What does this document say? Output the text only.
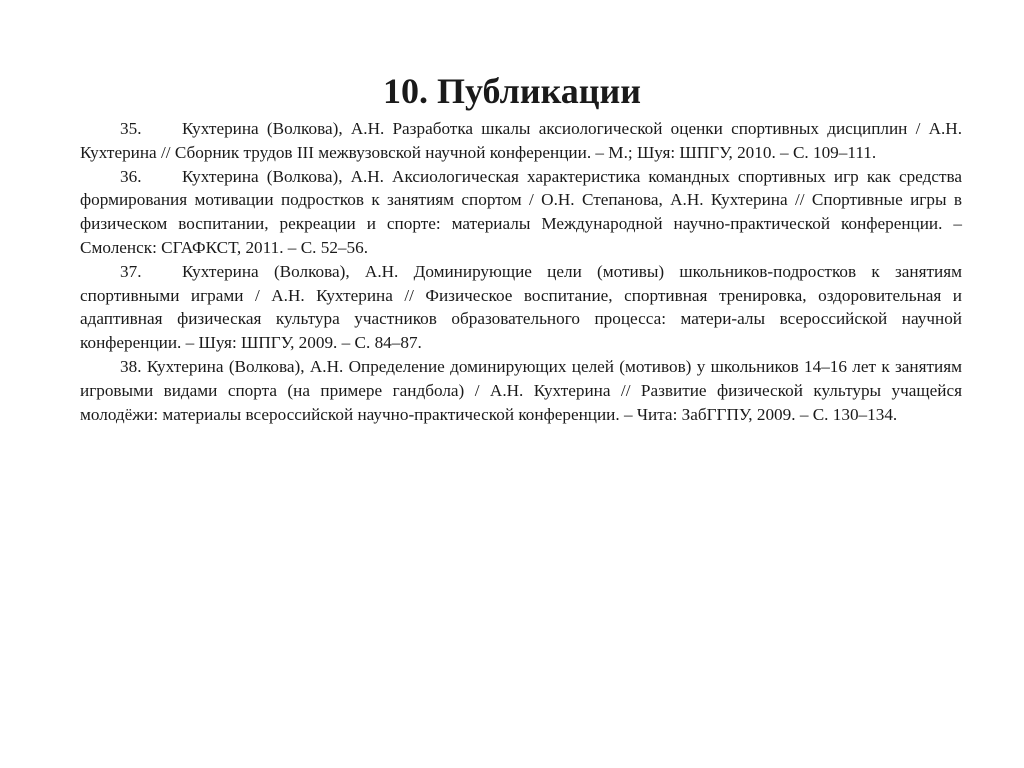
10. Публикации

35. Кухтерина (Волкова), А.Н. Разработка шкалы аксиологической оценки спортивных дисциплин / А.Н. Кухтерина // Сборник трудов III межвузовской научной конференции. – М.; Шуя: ШПГУ, 2010. – С. 109–111.

36. Кухтерина (Волкова), А.Н. Аксиологическая характеристика командных спортивных игр как средства формирования мотивации подростков к занятиям спортом / О.Н. Степанова, А.Н. Кухтерина // Спортивные игры в физическом воспитании, рекреации и спорте: материалы Международной научно-практической конференции. – Смоленск: СГАФКСТ, 2011. – С. 52–56.

37. Кухтерина (Волкова), А.Н. Доминирующие цели (мотивы) школьников-подростков к занятиям спортивными играми / А.Н. Кухтерина // Физическое воспитание, спортивная тренировка, оздоровительная и адаптивная физическая культура участников образовательного процесса: матери-алы всероссийской научной конференции. – Шуя: ШПГУ, 2009. – С. 84–87.

38. Кухтерина (Волкова), А.Н. Определение доминирующих целей (мотивов) у школьников 14–16 лет к занятиям игровыми видами спорта (на примере гандбола) / А.Н. Кухтерина // Развитие физической культуры учащейся молодёжи: материалы всероссийской научно-практической конференции. – Чита: ЗабГГПУ, 2009. – С. 130–134.
